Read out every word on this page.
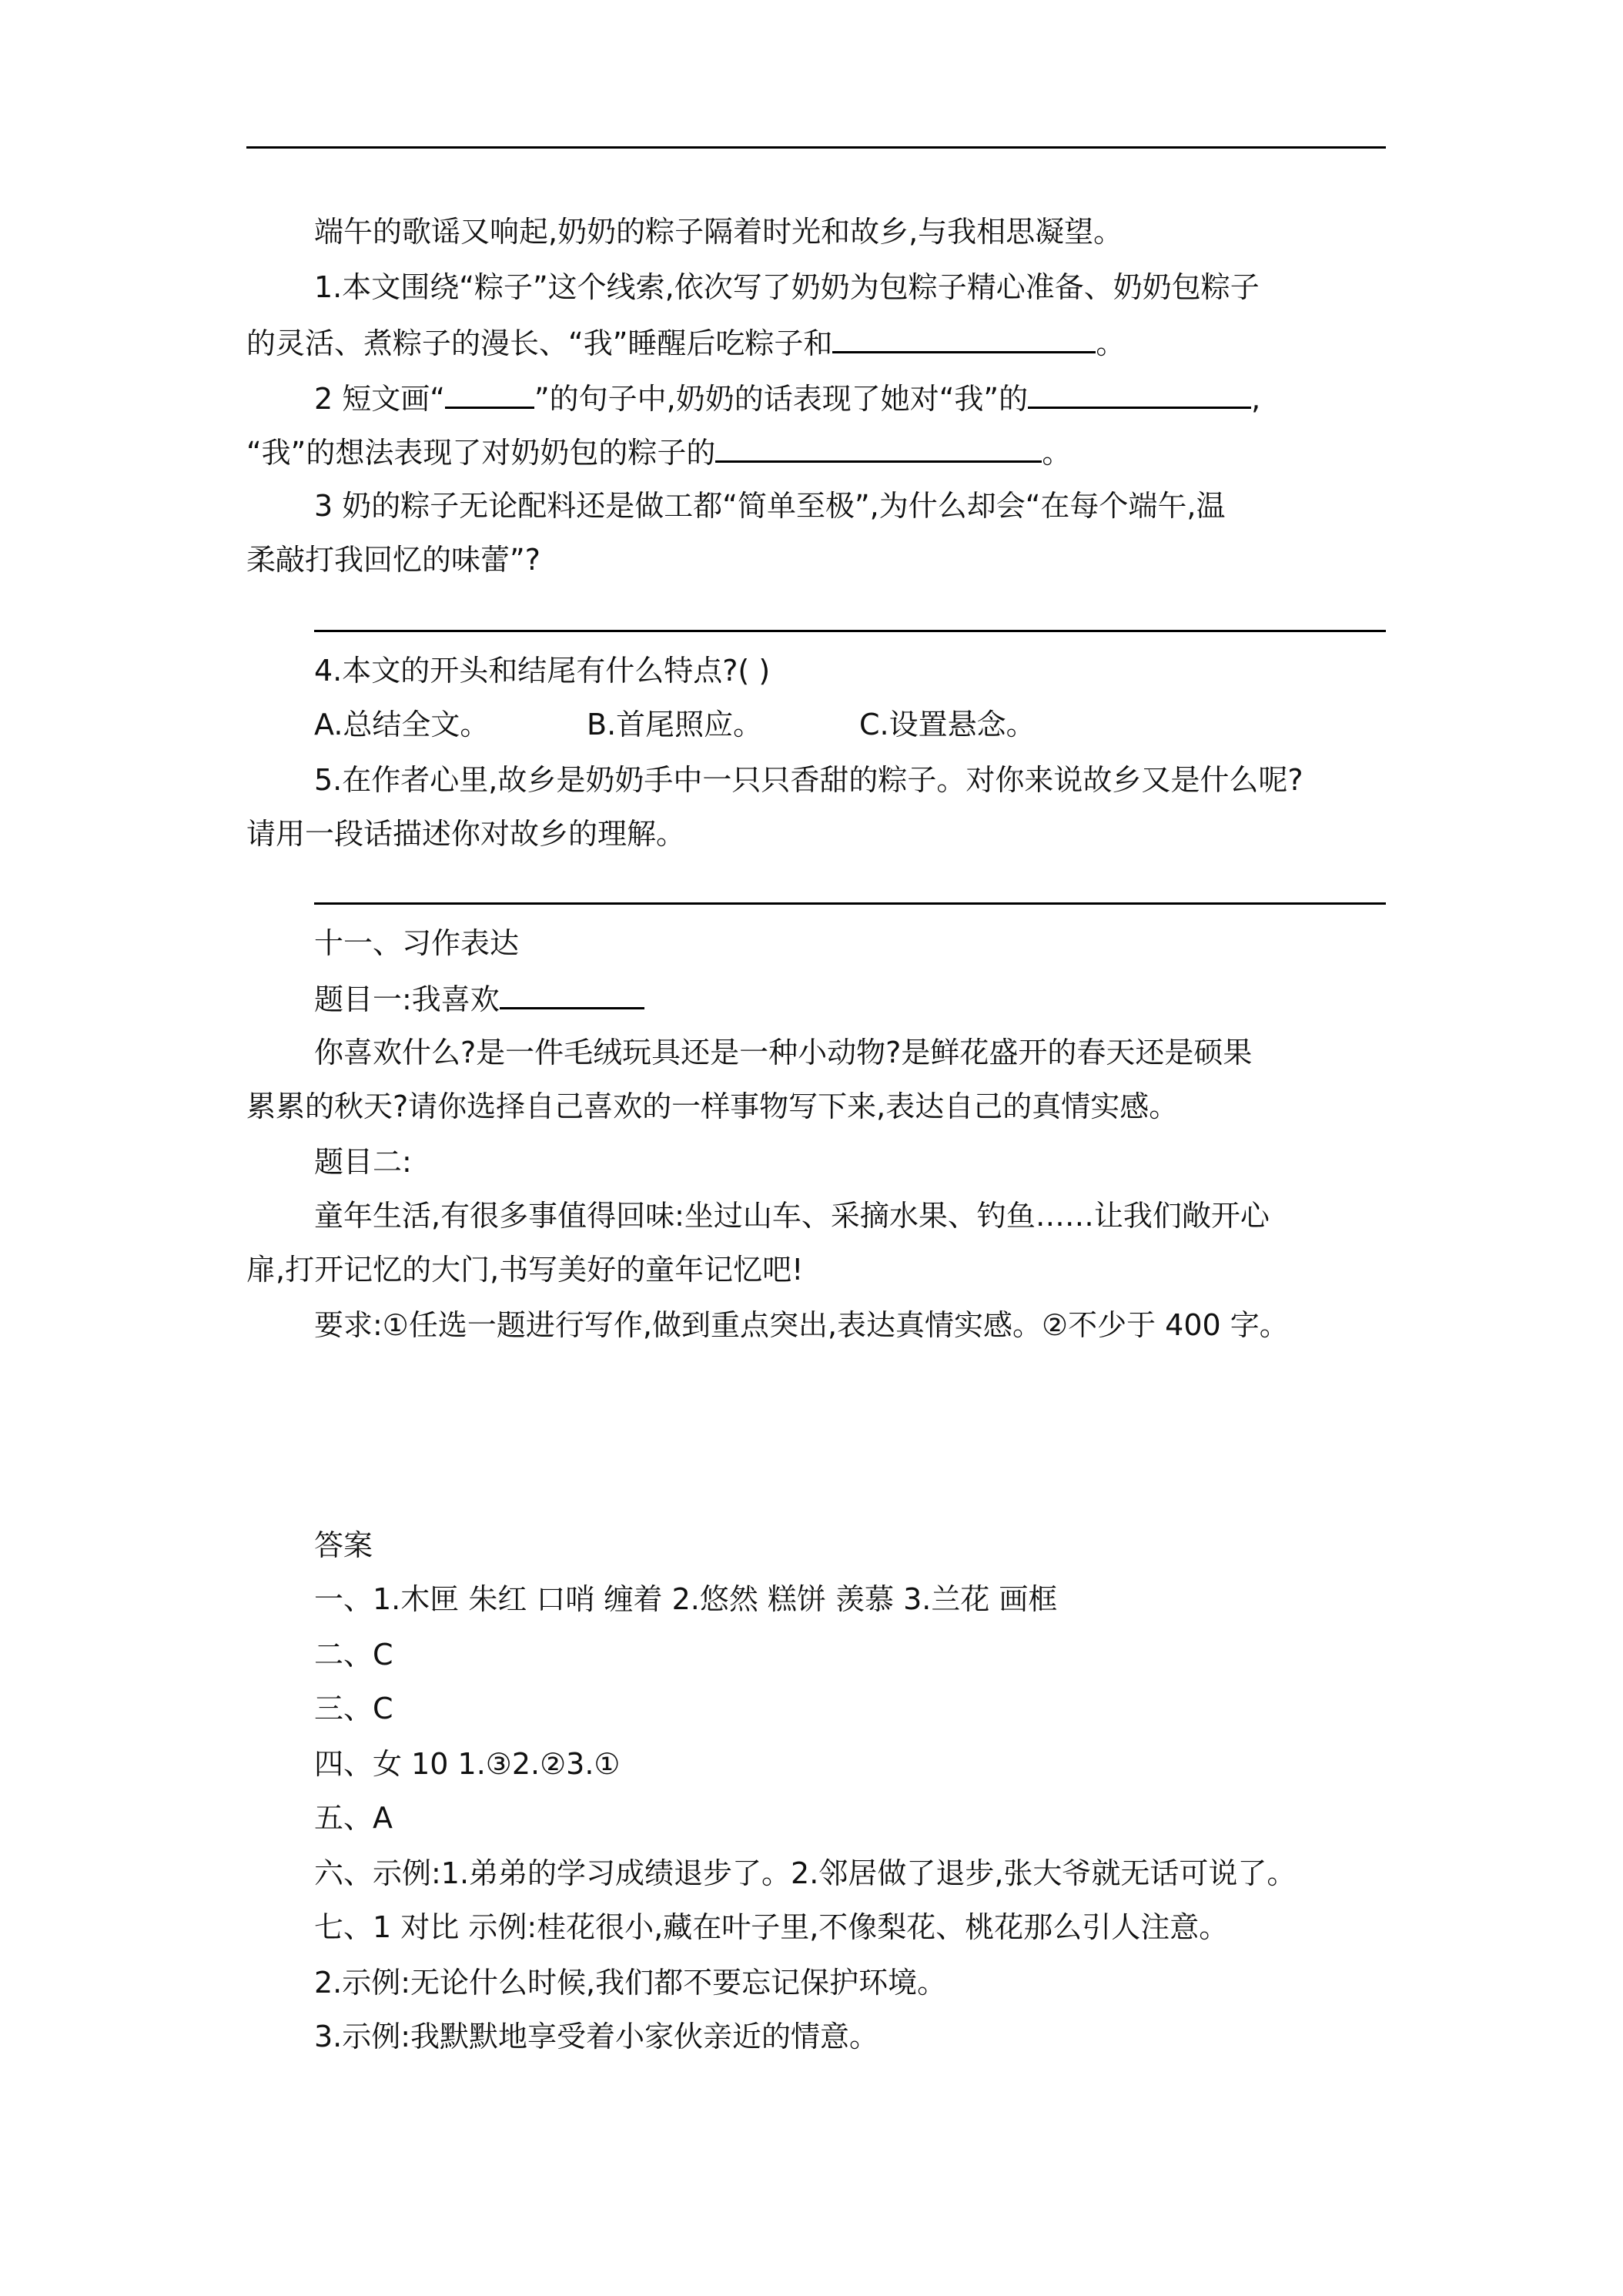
端午的歌谣又响起,奶奶的粽子隔着时光和故乡,与我相思凝望。
1.本文围绕“粽子”这个线索,依次写了奶奶为包粽子精心准备、奶奶包粽子
的灵活、煮粽子的漫长、“我”睡醒后吃粽子和	。
2 短文画“	”的句子中,奶奶的话表现了她对“我”的	,
“我”的想法表现了对奶奶包的粽子的	。
3 奶的粽子无论配料还是做工都“简单至极”,为什么却会“在每个端午,温
柔敲打我回忆的味蕾”?
4.本文的开头和结尾有什么特点?( )
A.总结全文。	B.首尾照应。	C.设置悬念。
5.在作者心里,故乡是奶奶手中一只只香甜的粽子。对你来说故乡又是什么呢?
请用一段话描述你对故乡的理解。
十一、习作表达
题目一:我喜欢
你喜欢什么?是一件毛绒玩具还是一种小动物?是鲜花盛开的春天还是硕果
累累的秋天?请你选择自己喜欢的一样事物写下来,表达自己的真情实感。
题目二:
童年生活,有很多事值得回味:坐过山车、采摘水果、钓鱼……让我们敞开心
扉,打开记忆的大门,书写美好的童年记忆吧!
要求:①任选一题进行写作,做到重点突出,表达真情实感。②不少于 400 字。
答案
一、1.木匣 朱红 口哨 缠着 2.悠然 糕饼 羡慕 3.兰花 画框
二、C
三、C
四、女 10 1.③2.②3.①
五、A
六、示例:1.弟弟的学习成绩退步了。2.邻居做了退步,张大爷就无话可说了。
七、1 对比 示例:桂花很小,藏在叶子里,不像梨花、桃花那么引人注意。
2.示例:无论什么时候,我们都不要忘记保护环境。
3.示例:我默默地享受着小家伙亲近的情意。
